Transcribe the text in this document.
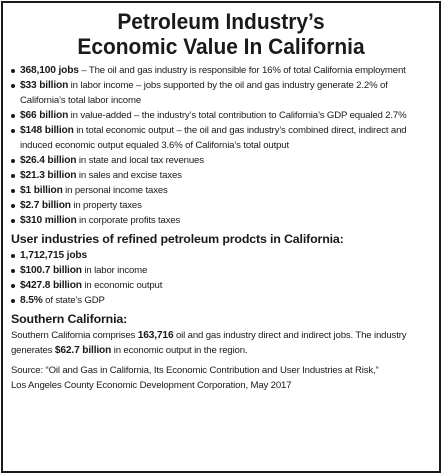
Petroleum Industry’s
Economic Value In California
368,100 jobs – The oil and gas industry is responsible for 16% of total California employment
$33 billion in labor income – jobs supported by the oil and gas industry generate 2.2% of California’s total labor income
$66 billion in value-added – the industry’s total contribution to California’s GDP equaled 2.7%
$148 billion in total economic output – the oil and gas industry’s combined direct, indirect and induced economic output equaled 3.6% of California’s total output
$26.4 billion in state and local tax revenues
$21.3 billion in sales and excise taxes
$1 billion in personal income taxes
$2.7 billion in property taxes
$310 million in corporate profits taxes
User industries of refined petroleum prodcts in California:
1,712,715 jobs
$100.7 billion in labor income
$427.8 billion in economic output
8.5% of state’s GDP
Southern California:

Southern California comprises 163,716 oil and gas industry direct and indirect jobs. The industry generates $62.7 billion in economic output in the region.

Source: “Oil and Gas in California, Its Economic Contribution and User Industries at Risk,”
Los Angeles County Economic Development Corporation, May 2017
